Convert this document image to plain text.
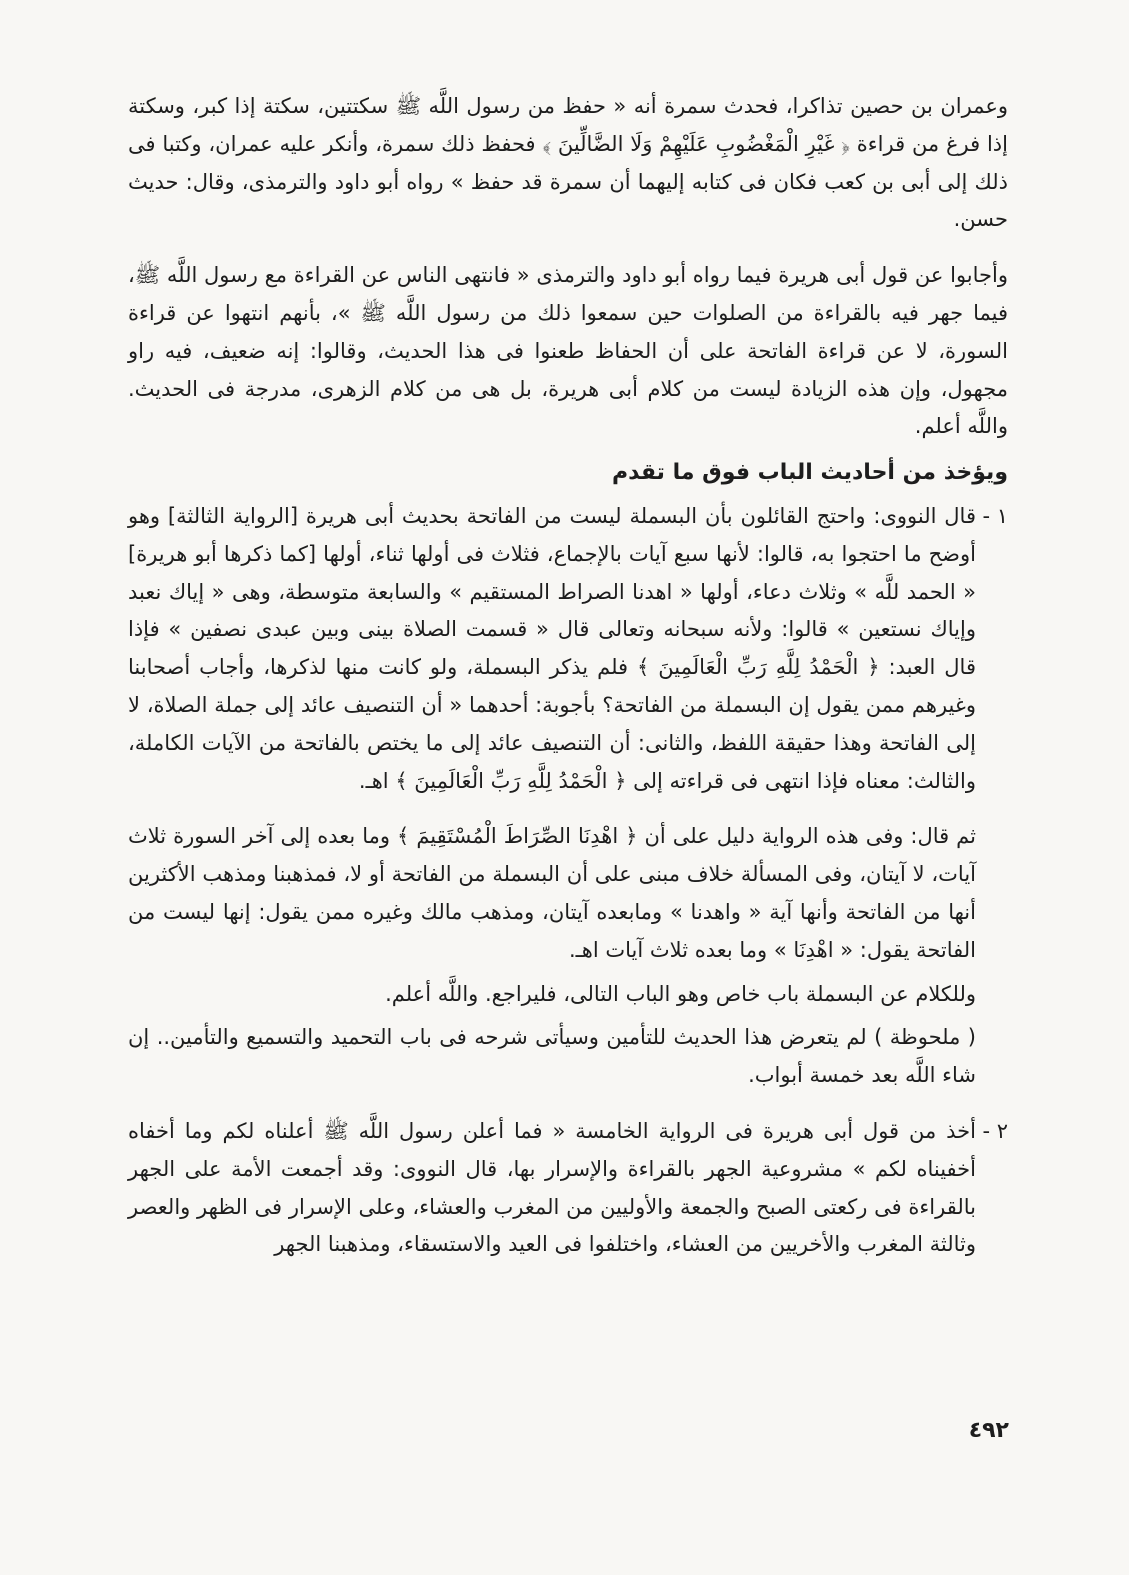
وعمران بن حصين تذاكرا، فحدث سمرة أنه « حفظ من رسول اللَّه ﷺ سكتتين، سكتة إذا كبر، وسكتة إذا فرغ من قراءة ﴿ غَيْرِ الْمَغْضُوبِ عَلَيْهِمْ وَلَا الضَّالِّينَ ﴾ فحفظ ذلك سمرة، وأنكر عليه عمران، وكتبا فى ذلك إلى أبى بن كعب فكان فى كتابه إليهما أن سمرة قد حفظ » رواه أبو داود والترمذى، وقال: حديث حسن.

وأجابوا عن قول أبى هريرة فيما رواه أبو داود والترمذى « فانتهى الناس عن القراءة مع رسول اللَّه ﷺ، فيما جهر فيه بالقراءة من الصلوات حين سمعوا ذلك من رسول اللَّه ﷺ »، بأنهم انتهوا عن قراءة السورة، لا عن قراءة الفاتحة على أن الحفاظ طعنوا فى هذا الحديث، وقالوا: إنه ضعيف، فيه راو مجهول، وإن هذه الزيادة ليست من كلام أبى هريرة، بل هى من كلام الزهرى، مدرجة فى الحديث. واللَّه أعلم.

ويؤخذ من أحاديث الباب فوق ما تقدم

١ -

قال النووى: واحتج القائلون بأن البسملة ليست من الفاتحة بحديث أبى هريرة [الرواية الثالثة] وهو أوضح ما احتجوا به، قالوا: لأنها سبع آيات بالإجماع، فثلاث فى أولها ثناء، أولها [كما ذكرها أبو هريرة] « الحمد للَّه » وثلاث دعاء، أولها « اهدنا الصراط المستقيم » والسابعة متوسطة، وهى « إياك نعبد وإياك نستعين » قالوا: ولأنه سبحانه وتعالى قال « قسمت الصلاة بينى وبين عبدى نصفين » فإذا قال العبد: ﴿ الْحَمْدُ لِلَّهِ رَبِّ الْعَالَمِينَ ﴾ فلم يذكر البسملة، ولو كانت منها لذكرها، وأجاب أصحابنا وغيرهم ممن يقول إن البسملة من الفاتحة؟ بأجوبة: أحدهما « أن التنصيف عائد إلى جملة الصلاة، لا إلى الفاتحة وهذا حقيقة اللفظ، والثانى: أن التنصيف عائد إلى ما يختص بالفاتحة من الآيات الكاملة، والثالث: معناه فإذا انتهى فى قراءته إلى ﴿ الْحَمْدُ لِلَّهِ رَبِّ الْعَالَمِينَ ﴾ اهـ.

ثم قال: وفى هذه الرواية دليل على أن ﴿ اهْدِنَا الصِّرَاطَ الْمُسْتَقِيمَ ﴾ وما بعده إلى آخر السورة ثلاث آيات، لا آيتان، وفى المسألة خلاف مبنى على أن البسملة من الفاتحة أو لا، فمذهبنا ومذهب الأكثرين أنها من الفاتحة وأنها آية « واهدنا » ومابعده آيتان، ومذهب مالك وغيره ممن يقول: إنها ليست من الفاتحة يقول: « اهْدِنَا » وما بعده ثلاث آيات اهـ.

وللكلام عن البسملة باب خاص وهو الباب التالى، فليراجع. واللَّه أعلم.

( ملحوظة ) لم يتعرض هذا الحديث للتأمين وسيأتى شرحه فى باب التحميد والتسميع والتأمين.. إن شاء اللَّه بعد خمسة أبواب.

٢ -

أخذ من قول أبى هريرة فى الرواية الخامسة « فما أعلن رسول اللَّه ﷺ أعلناه لكم وما أخفاه أخفيناه لكم » مشروعية الجهر بالقراءة والإسرار بها، قال النووى: وقد أجمعت الأمة على الجهر بالقراءة فى ركعتى الصبح والجمعة والأوليين من المغرب والعشاء، وعلى الإسرار فى الظهر والعصر وثالثة المغرب والأخريين من العشاء، واختلفوا فى العيد والاستسقاء، ومذهبنا الجهر

٤٩٢
